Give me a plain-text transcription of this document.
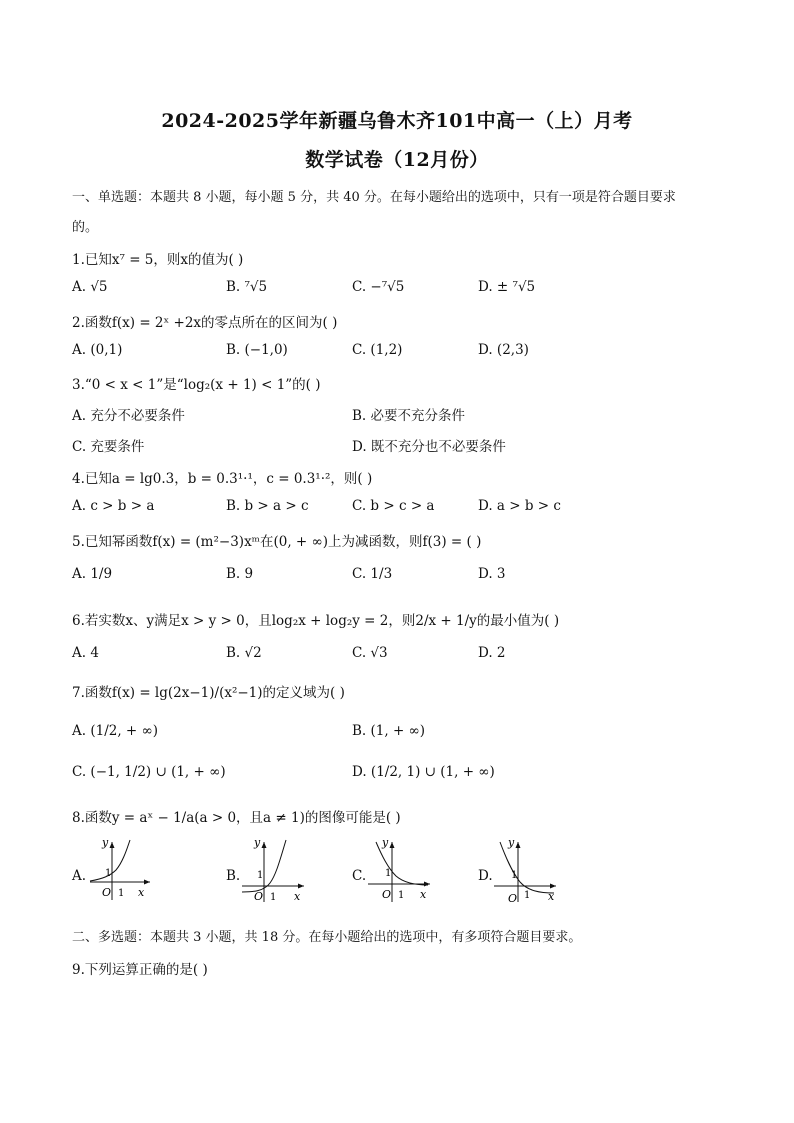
2024-2025学年新疆乌鲁木齐101中高一（上）月考
数学试卷（12月份）
一、单选题：本题共 8 小题，每小题 5 分，共 40 分。在每小题给出的选项中，只有一项是符合题目要求
的。
1.已知x⁷ = 5，则x的值为( )
A. √5	B. ⁷√5	C. −⁷√5	D. ± ⁷√5
2.函数f(x) = 2ˣ +2x的零点所在的区间为( )
A. (0,1)	B. (−1,0)	C. (1,2)	D. (2,3)
3.“0 < x < 1”是“log₂(x + 1) < 1”的( )
A. 充分不必要条件	B. 必要不充分条件
C. 充要条件	D. 既不充分也不必要条件
4.已知a = lg0.3，b = 0.3¹·¹，c = 0.3¹·²，则( )
A. c > b > a	B. b > a > c	C. b > c > a	D. a > b > c
5.已知幂函数f(x) = (m²−3)xᵐ在(0, + ∞)上为减函数，则f(3) = ( )
A. 1/9	B. 9	C. 1/3	D. 3
6.若实数x、y满足x > y > 0，且log₂x + log₂y = 2，则2/x + 1/y的最小值为( )
A. 4	B. √2	C. √3	D. 2
7.函数f(x) = lg(2x−1)/(x²−1)的定义域为( )
A. (1/2, + ∞)	B. (1, + ∞)
C. (−1, 1/2) ∪ (1, + ∞)	D. (1/2, 1) ∪ (1, + ∞)
8.函数y = aˣ − 1/a(a > 0，且a ≠ 1)的图像可能是( )
A.
y
x
O 1
1	B.
y
x
O 1
1	C.
y
x
O 1
1	D.
y
x
O 1
1
二、多选题：本题共 3 小题，共 18 分。在每小题给出的选项中，有多项符合题目要求。
9.下列运算正确的是( )
